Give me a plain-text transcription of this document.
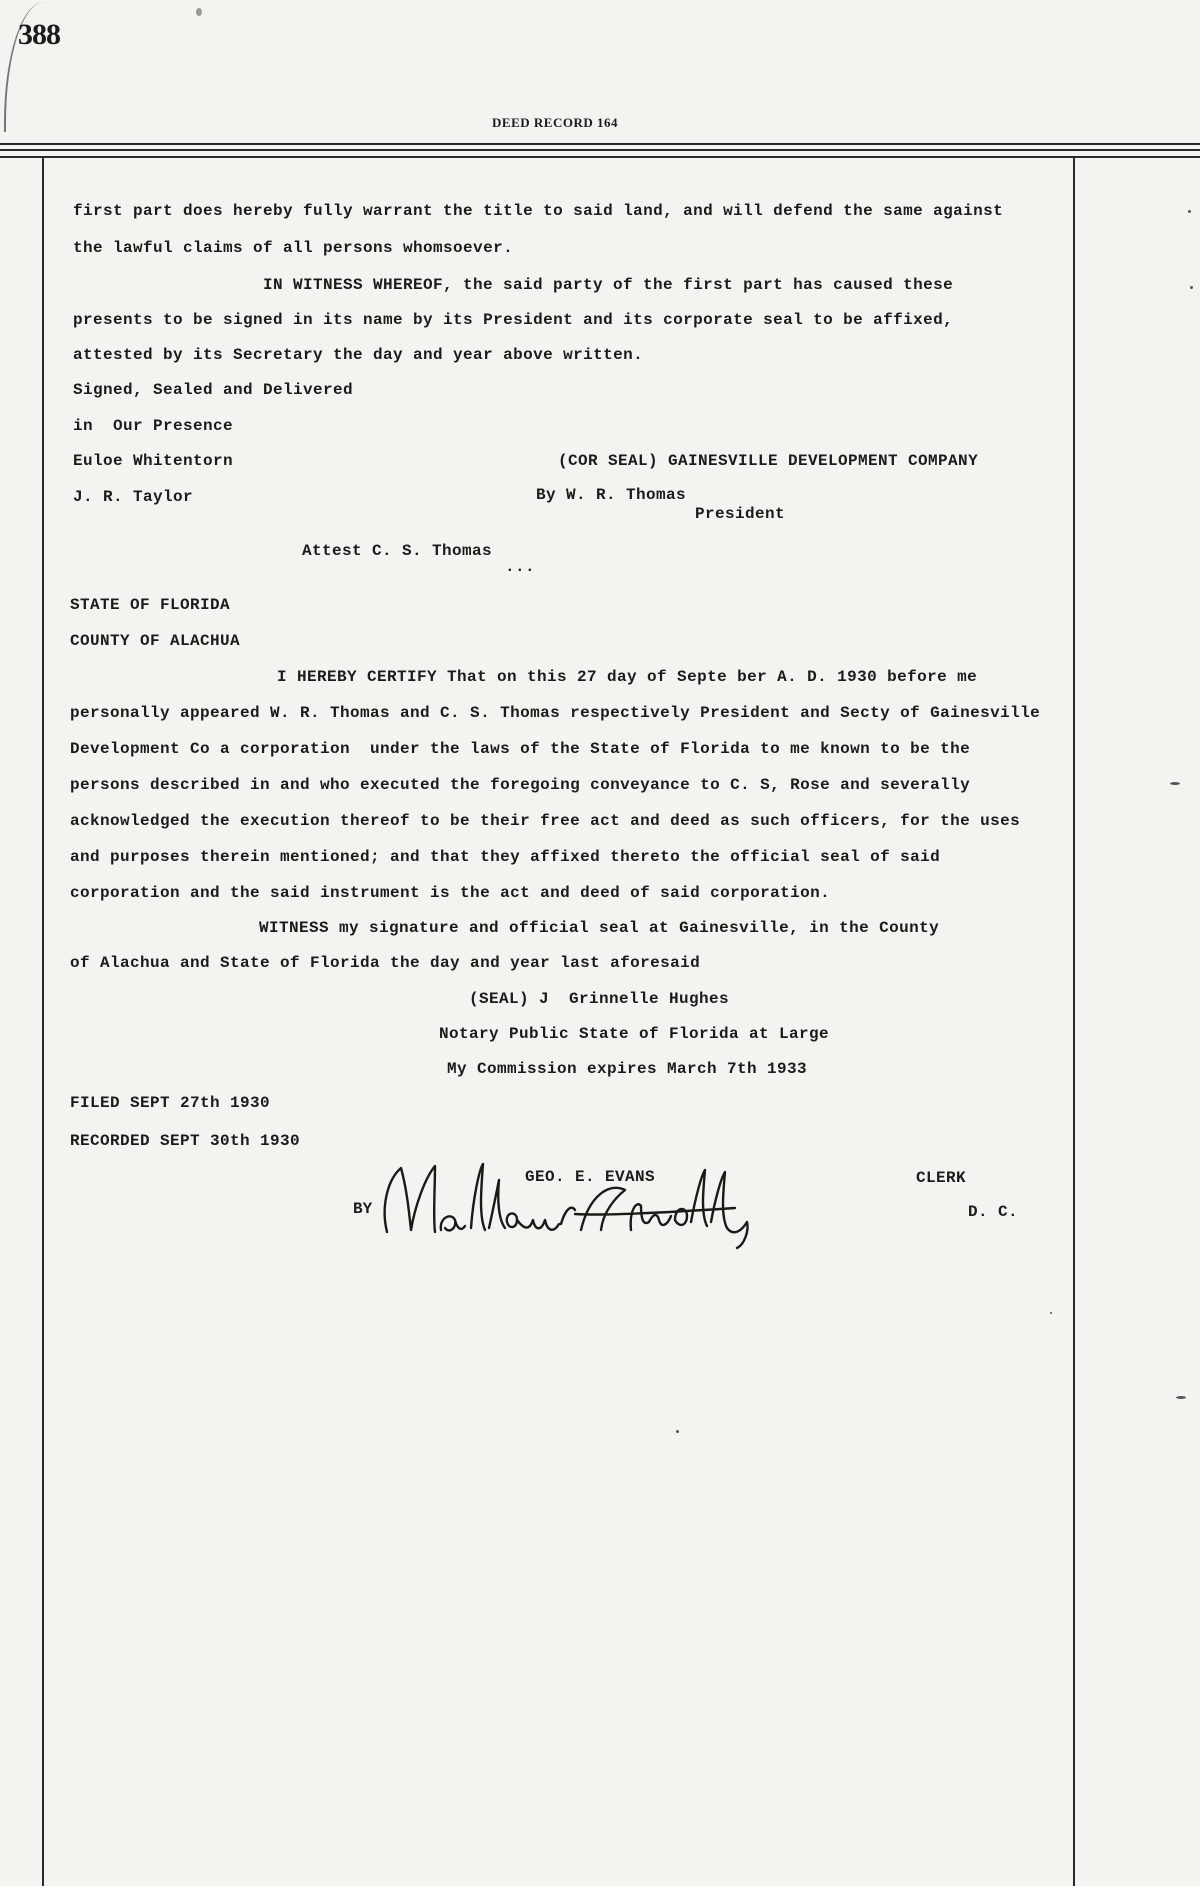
388
DEED RECORD 164
first part does hereby fully warrant the title to said land, and will defend the same against
the lawful claims of all persons whomsoever.
IN WITNESS WHEREOF, the said party of the first part has caused these
presents to be signed in its name by its President and its corporate seal to be affixed,
attested by its Secretary the day and year above written.
Signed, Sealed and Delivered
in  Our Presence
Euloe Whitentorn	(COR SEAL) GAINESVILLE DEVELOPMENT COMPANY
J. R. Taylor	By W. R. Thomas
President
Attest C. S. Thomas
...
STATE OF FLORIDA
COUNTY OF ALACHUA
I HEREBY CERTIFY That on this 27 day of Septe ber A. D. 1930 before me
personally appeared W. R. Thomas and C. S. Thomas respectively President and Secty of Gainesville
Development Co a corporation  under the laws of the State of Florida to me known to be the
persons described in and who executed the foregoing conveyance to C. S, Rose and severally
acknowledged the execution thereof to be their free act and deed as such officers, for the uses
and purposes therein mentioned; and that they affixed thereto the official seal of said
corporation and the said instrument is the act and deed of said corporation.
WITNESS my signature and official seal at Gainesville, in the County
of Alachua and State of Florida the day and year last aforesaid
(SEAL) J  Grinnelle Hughes
Notary Public State of Florida at Large
My Commission expires March 7th 1933
FILED SEPT 27th 1930
RECORDED SEPT 30th 1930
GEO. E. EVANS	CLERK
BY	D. C.
